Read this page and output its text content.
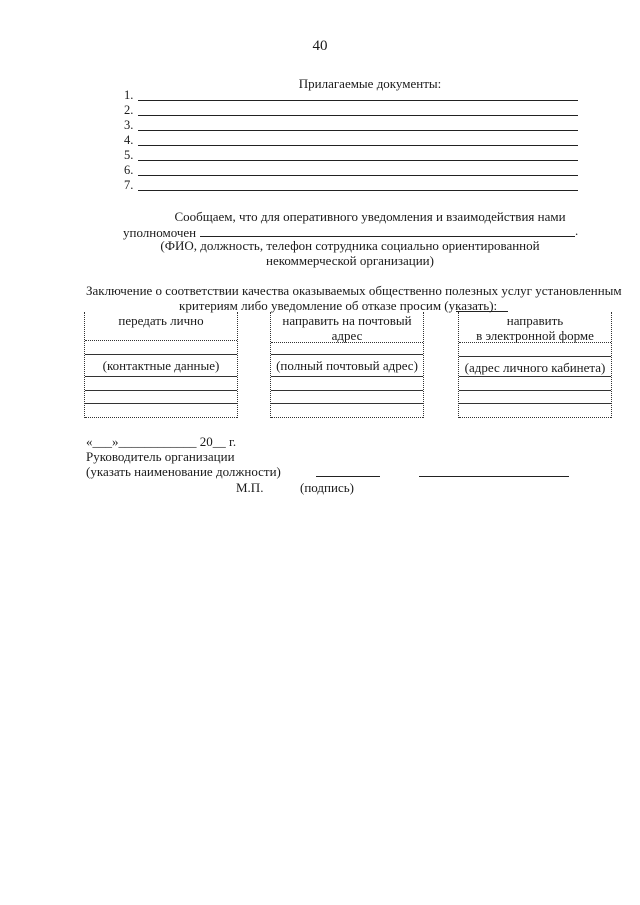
40
Прилагаемые документы:
1.
2.
3.
4.
5.
6.
7.
Сообщаем, что для оперативного уведомления и взаимодействия нами
уполномочен	.
(ФИО, должность, телефон сотрудника социально ориентированной
некоммерческой организации)
Заключение о соответствии качества оказываемых общественно полезных услуг установленным
критериям либо уведомление об отказе просим (указать):
передать лично
(контактные данные)
направить на почтовый
адрес
(полный почтовый адрес)
направить
в электронной форме
(адрес личного кабинета)
«___»____________ 20__ г.
Руководитель организации
(указать наименование должности)
М.П.	(подпись)
